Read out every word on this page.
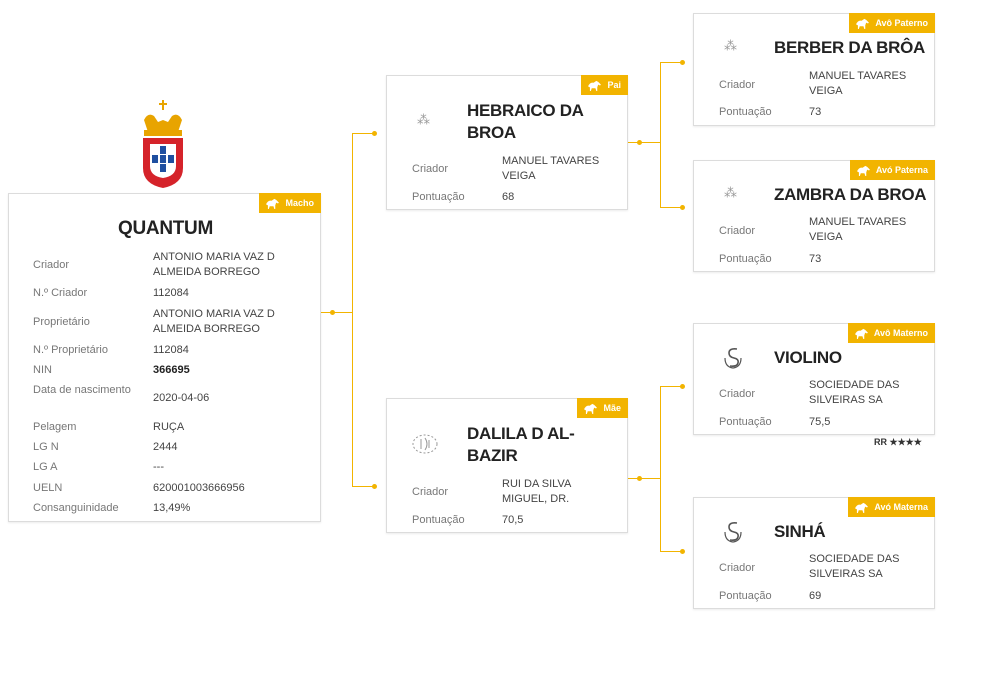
Macho
QUANTUM
Criador
ANTONIO MARIA VAZ D ALMEIDA BORREGO
N.º Criador	112084
Proprietário
ANTONIO MARIA VAZ D ALMEIDA BORREGO
N.º Proprietário	112084
NIN	366695
Data de nascimento
2020-04-06
Pelagem	RUÇA
LG N	2444
LG A	---
UELN	620001003666956
Consanguinidade	13,49%
Pai
⁂ HEBRAICO DA BROA
Criador
MANUEL TAVARES VEIGA
Pontuação	68
Mãe
DALILA D AL-BAZIR
Criador
RUI DA SILVA MIGUEL, DR.
Pontuação	70,5
Avô Paterno
⁂ BERBER DA BRÔA
Criador
MANUEL TAVARES VEIGA
Pontuação	73
Avó Paterna
⁂ ZAMBRA DA BROA
Criador
MANUEL TAVARES VEIGA
Pontuação	73
Avô Materno
VIOLINO
Criador
SOCIEDADE DAS SILVEIRAS SA
Pontuação	75,5
RR ★★★★
Avó Materna
SINHÁ
Criador
SOCIEDADE DAS SILVEIRAS SA
Pontuação	69
